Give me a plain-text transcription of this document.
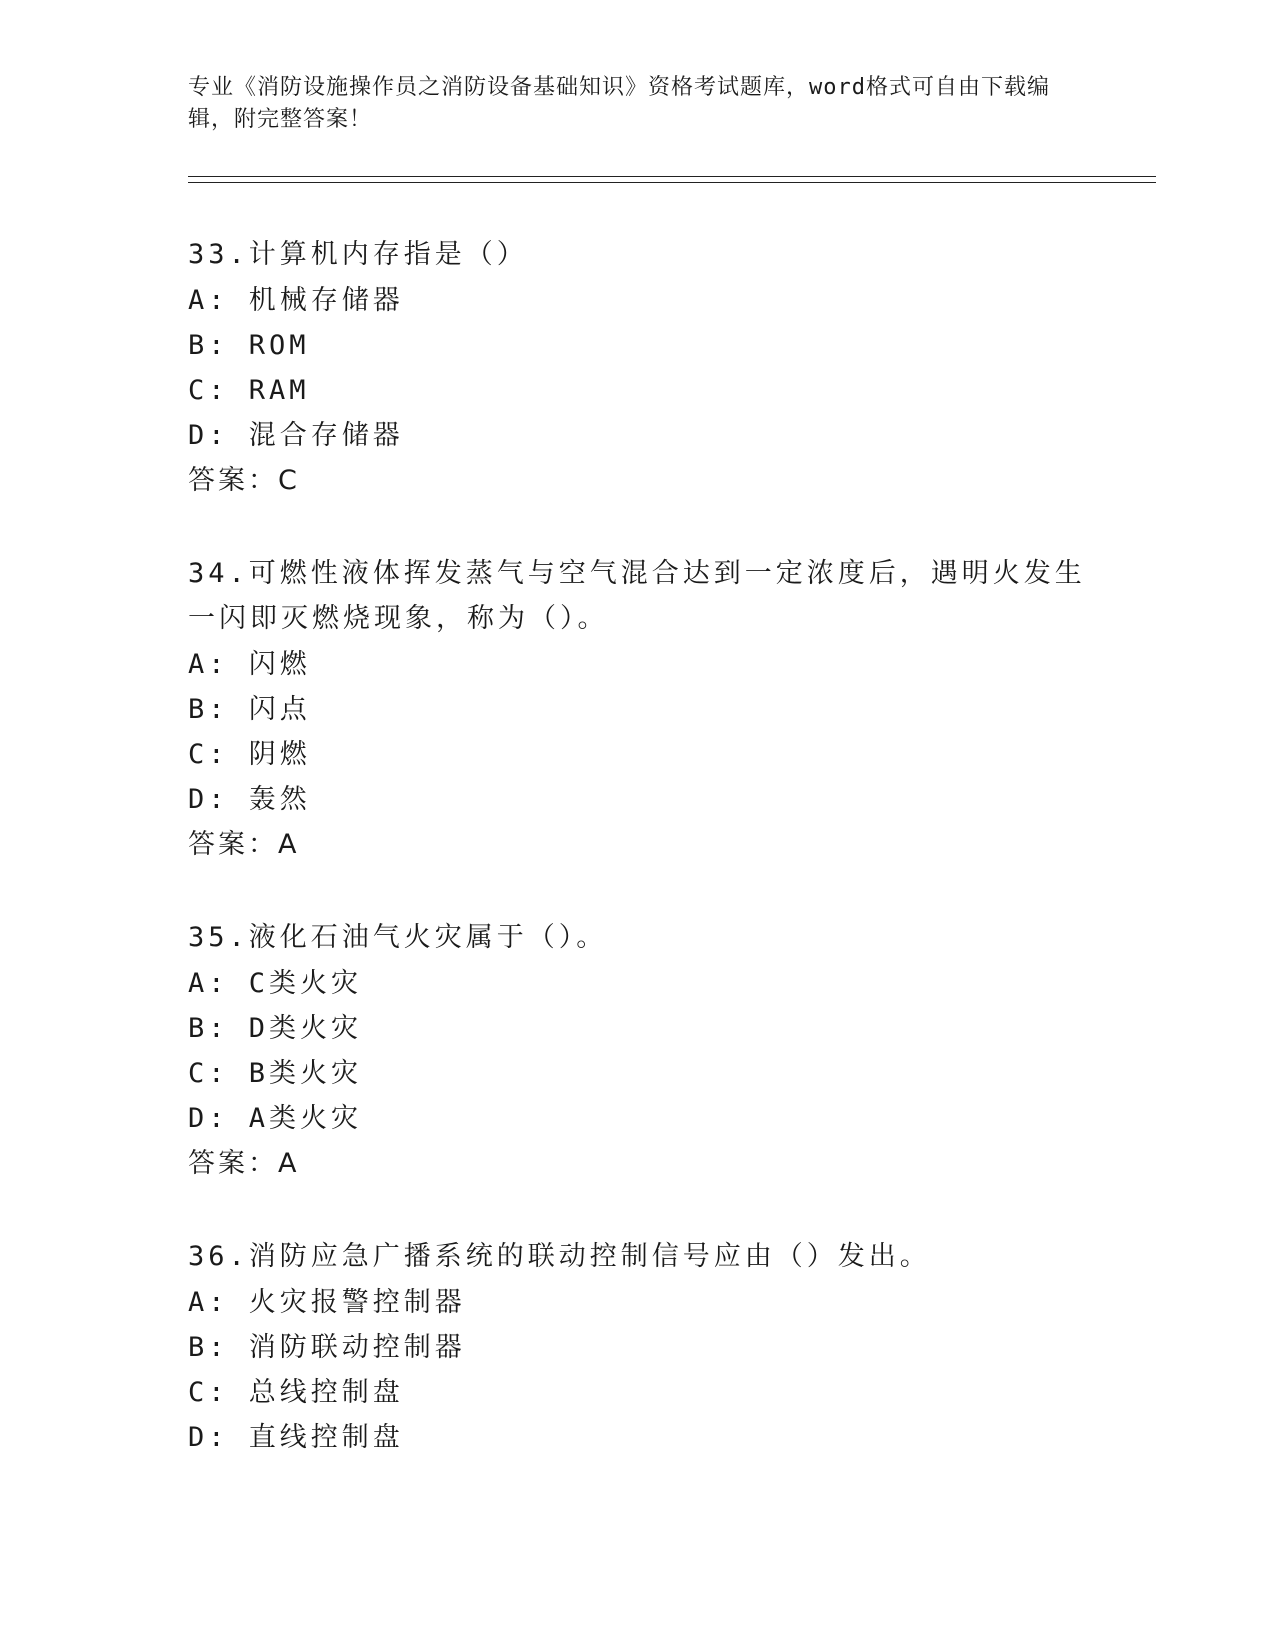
专业《消防设施操作员之消防设备基础知识》资格考试题库，word格式可自由下载编辑，附完整答案！
33.计算机内存指是（）
A: 机械存储器
B: ROM
C: RAM
D: 混合存储器
答案：C
34.可燃性液体挥发蒸气与空气混合达到一定浓度后，遇明火发生一闪即灭燃烧现象，称为（）。
A: 闪燃
B: 闪点
C: 阴燃
D: 轰然
答案：A
35.液化石油气火灾属于（）。
A: C类火灾
B: D类火灾
C: B类火灾
D: A类火灾
答案：A
36.消防应急广播系统的联动控制信号应由（）发出。
A: 火灾报警控制器
B: 消防联动控制器
C: 总线控制盘
D: 直线控制盘
